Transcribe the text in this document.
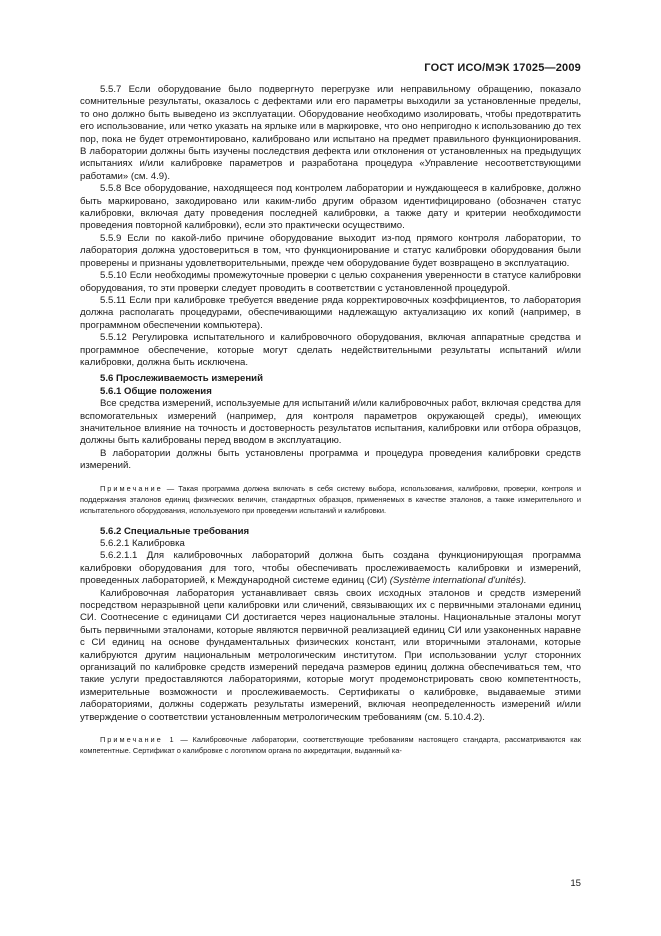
ГОСТ ИСО/МЭК 17025—2009

5.5.7 Если оборудование было подвергнуто перегрузке или неправильному обращению, показало сомнительные результаты, оказалось с дефектами или его параметры выходили за установленные пределы, то оно должно быть выведено из эксплуатации. Оборудование необходимо изолировать, чтобы предотвратить его использование, или четко указать на ярлыке или в маркировке, что оно непригодно к использованию до тех пор, пока не будет отремонтировано, калибровано или испытано на предмет правильного функционирования. В лаборатории должны быть изучены последствия дефекта или отклонения от установленных на предыдущих испытаниях и/или калибровке параметров и разработана процедура «Управление несоответствующими работами» (см. 4.9).

5.5.8 Все оборудование, находящееся под контролем лаборатории и нуждающееся в калибровке, должно быть маркировано, закодировано или каким-либо другим образом идентифицировано (обозначен статус калибровки, включая дату проведения последней калибровки, а также дату и критерии необходимости проведения повторной калибровки), если это практически осуществимо.

5.5.9 Если по какой-либо причине оборудование выходит из-под прямого контроля лаборатории, то лаборатория должна удостовериться в том, что функционирование и статус калибровки оборудования были проверены и признаны удовлетворительными, прежде чем оборудование будет возвращено в эксплуатацию.

5.5.10 Если необходимы промежуточные проверки с целью сохранения уверенности в статусе калибровки оборудования, то эти проверки следует проводить в соответствии с установленной процедурой.

5.5.11 Если при калибровке требуется введение ряда корректировочных коэффициентов, то лаборатория должна располагать процедурами, обеспечивающими надлежащую актуализацию их копий (например, в программном обеспечении компьютера).

5.5.12 Регулировка испытательного и калибровочного оборудования, включая аппаратные средства и программное обеспечение, которые могут сделать недействительными результаты испытаний и/или калибровки, должна быть исключена.

5.6 Прослеживаемость измерений
5.6.1 Общие положения

Все средства измерений, используемые для испытаний и/или калибровочных работ, включая средства для вспомогательных измерений (например, для контроля параметров окружающей среды), имеющих значительное влияние на точность и достоверность результатов испытания, калибровки или отбора образцов, должны быть калиброваны перед вводом в эксплуатацию.

В лаборатории должны быть установлены программа и процедура проведения калибровки средств измерений.

Примечание — Такая программа должна включать в себя систему выбора, использования, калибровки, проверки, контроля и поддержания эталонов единиц физических величин, стандартных образцов, применяемых в качестве эталонов, а также измерительного и испытательного оборудования, используемого при проведении испытаний и калибровки.
5.6.2 Специальные требования
5.6.2.1 Калибровка

5.6.2.1.1 Для калибровочных лабораторий должна быть создана функционирующая программа калибровки оборудования для того, чтобы обеспечивать прослеживаемость калибровки и измерений, проведенных лабораторией, к Международной системе единиц (СИ) (Système international d'unités).

Калибровочная лаборатория устанавливает связь своих исходных эталонов и средств измерений посредством неразрывной цепи калибровки или сличений, связывающих их с первичными эталонами единиц СИ. Соотнесение с единицами СИ достигается через национальные эталоны. Национальные эталоны могут быть первичными эталонами, которые являются первичной реализацией единиц СИ или узаконенных наравне с СИ единиц на основе фундаментальных физических констант, или вторичными эталонами, которые калибруются другим национальным метрологическим институтом. При использовании услуг сторонних организаций по калибровке средств измерений передача размеров единиц должна обеспечиваться тем, что такие услуги предоставляются лабораториями, которые могут продемонстрировать свою компетентность, измерительные возможности и прослеживаемость. Сертификаты о калибровке, выдаваемые этими лабораториями, должны содержать результаты измерений, включая неопределенность измерений и/или утверждение о соответствии установленным метрологическим требованиям (см. 5.10.4.2).

Примечание 1 — Калибровочные лаборатории, соответствующие требованиям настоящего стандарта, рассматриваются как компетентные. Сертификат о калибровке с логотипом органа по аккредитации, выданный ка-
15
